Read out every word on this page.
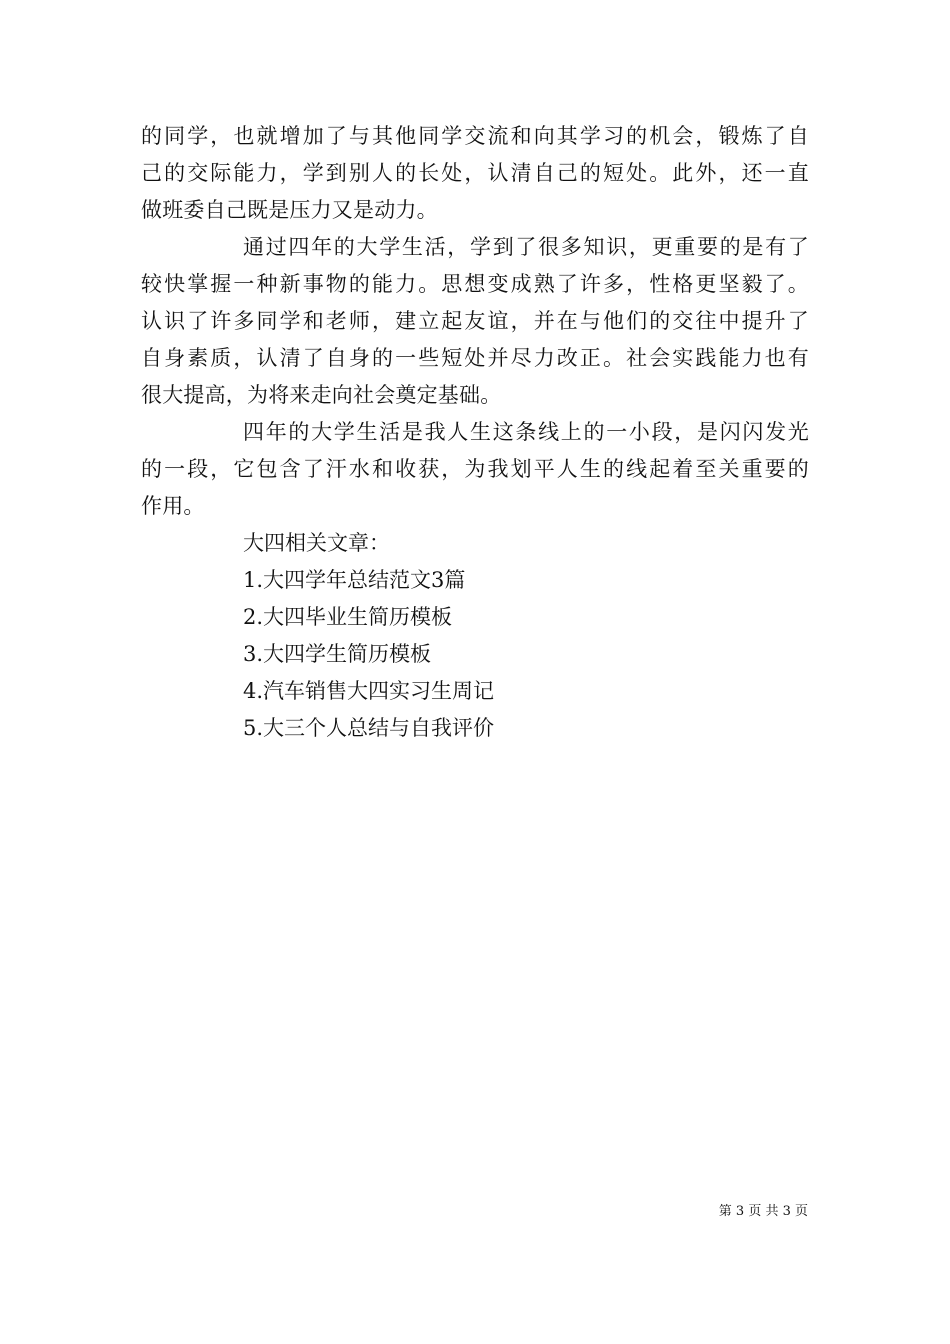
的同学，也就增加了与其他同学交流和向其学习的机会，锻炼了自
己的交际能力，学到别人的长处，认清自己的短处。此外，还一直
做班委自己既是压力又是动力。
通过四年的大学生活，学到了很多知识，更重要的是有了
较快掌握一种新事物的能力。思想变成熟了许多，性格更坚毅了。
认识了许多同学和老师，建立起友谊，并在与他们的交往中提升了
自身素质，认清了自身的一些短处并尽力改正。社会实践能力也有
很大提高，为将来走向社会奠定基础。
四年的大学生活是我人生这条线上的一小段，是闪闪发光
的一段，它包含了汗水和收获，为我划平人生的线起着至关重要的
作用。
大四相关文章：
1.大四学年总结范文3篇
2.大四毕业生简历模板
3.大四学生简历模板
4.汽车销售大四实习生周记
5.大三个人总结与自我评价
第 3 页 共 3 页
